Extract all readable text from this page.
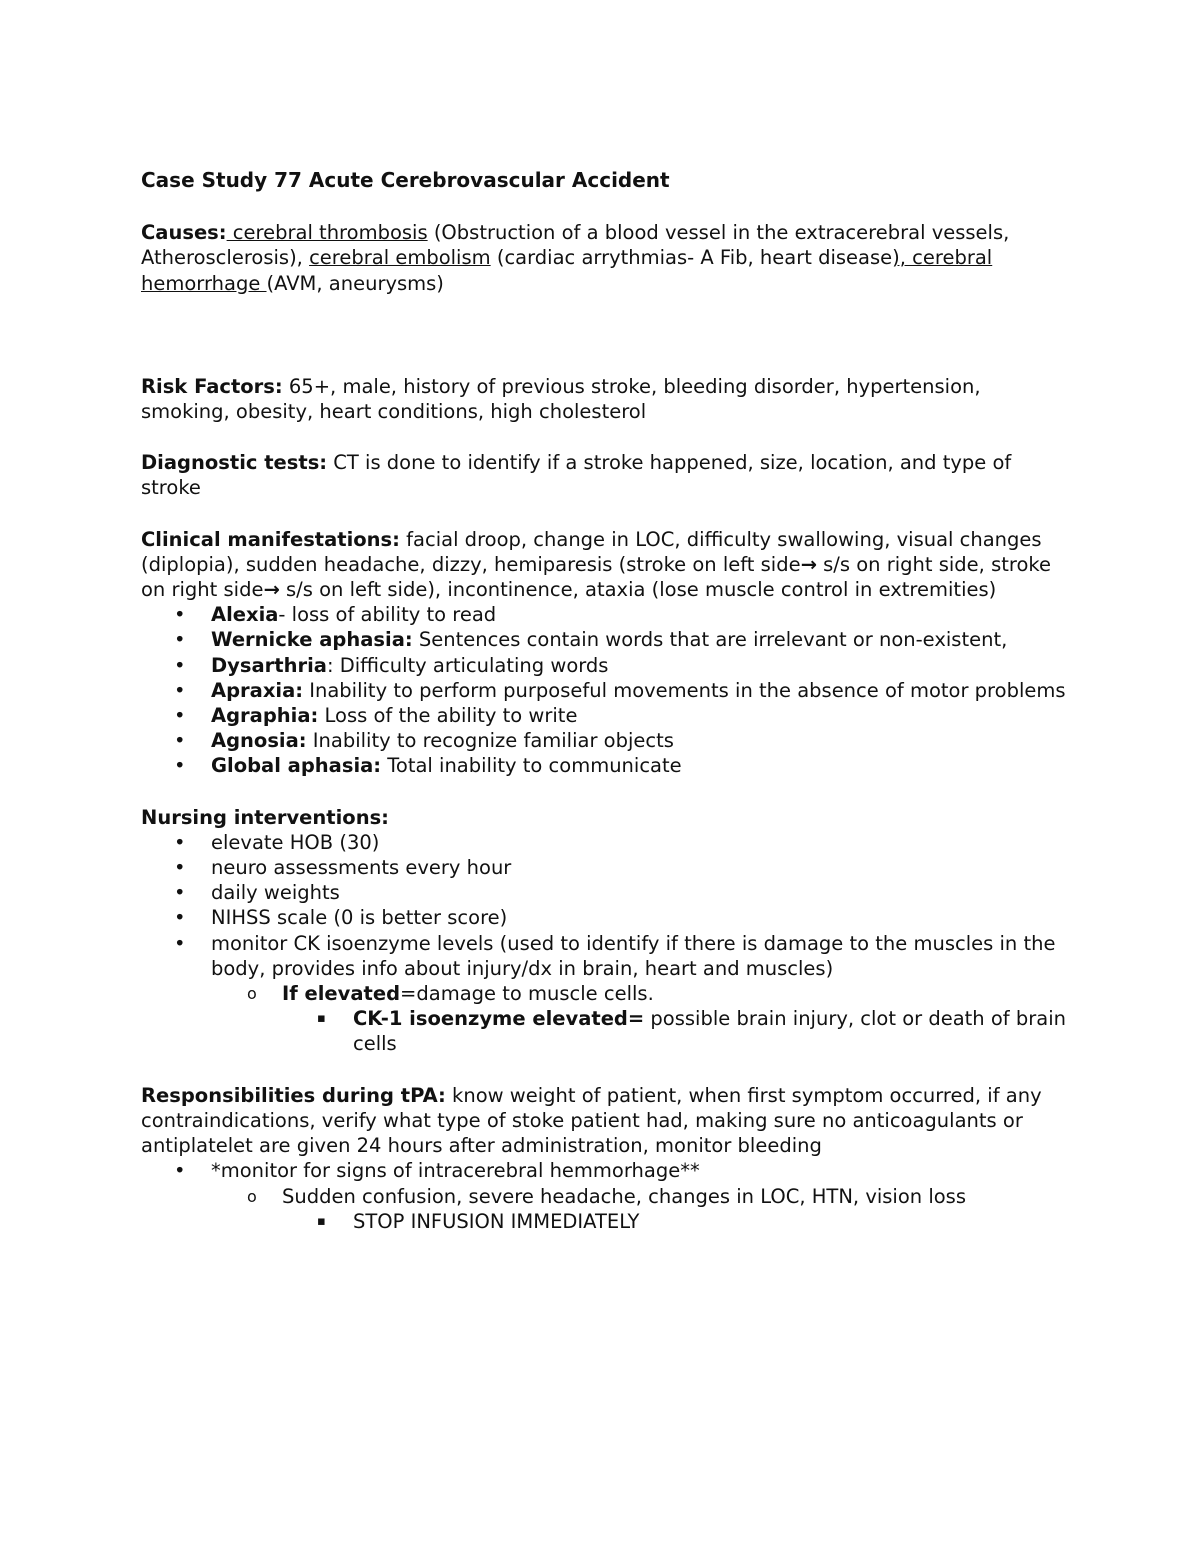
Case Study 77 Acute Cerebrovascular Accident
Causes: cerebral thrombosis (Obstruction of a blood vessel in the extracerebral vessels, Atherosclerosis), cerebral embolism (cardiac arrythmias- A Fib, heart disease), cerebral hemorrhage (AVM, aneurysms)
Risk Factors: 65+, male, history of previous stroke, bleeding disorder, hypertension, smoking, obesity, heart conditions, high cholesterol
Diagnostic tests: CT is done to identify if a stroke happened, size, location, and type of stroke
Clinical manifestations: facial droop, change in LOC, difficulty swallowing, visual changes (diplopia), sudden headache, dizzy, hemiparesis (stroke on left side→ s/s on right side, stroke on right side→ s/s on left side), incontinence, ataxia (lose muscle control in extremities)
• Alexia- loss of ability to read
• Wernicke aphasia: Sentences contain words that are irrelevant or non-existent,
• Dysarthria: Difficulty articulating words
• Apraxia: Inability to perform purposeful movements in the absence of motor problems
• Agraphia: Loss of the ability to write
• Agnosia: Inability to recognize familiar objects
• Global aphasia: Total inability to communicate
Nursing interventions:
• elevate HOB (30)
• neuro assessments every hour
• daily weights
• NIHSS scale (0 is better score)
• monitor CK isoenzyme levels (used to identify if there is damage to the muscles in the body, provides info about injury/dx in brain, heart and muscles)
o If elevated=damage to muscle cells.
▪ CK-1 isoenzyme elevated= possible brain injury, clot or death of brain cells
Responsibilities during tPA: know weight of patient, when first symptom occurred, if any contraindications, verify what type of stoke patient had, making sure no anticoagulants or antiplatelet are given 24 hours after administration, monitor bleeding
• *monitor for signs of intracerebral hemmorhage**
o Sudden confusion, severe headache, changes in LOC, HTN, vision loss
▪ STOP INFUSION IMMEDIATELY
